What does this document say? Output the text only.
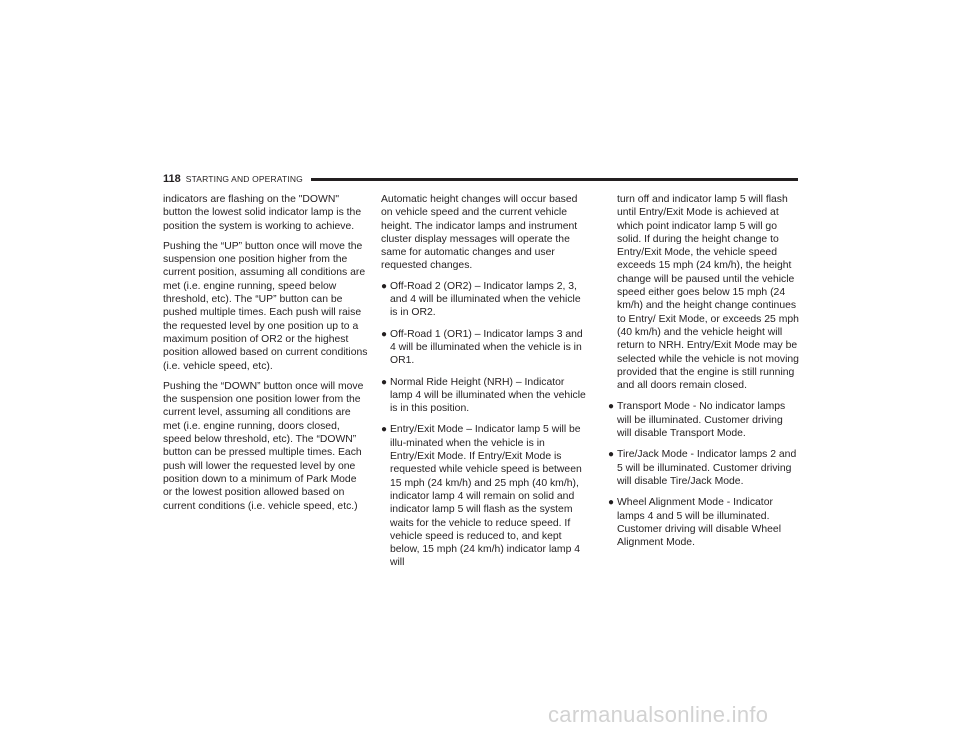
118 STARTING AND OPERATING

indicators are flashing on the "DOWN" button the lowest solid indicator lamp is the position the system is working to achieve.

Pushing the “UP” button once will move the suspension one position higher from the current position, assuming all conditions are met (i.e. engine running, speed below threshold, etc). The “UP” button can be pushed multiple times. Each push will raise the requested level by one position up to a maximum position of OR2 or the highest position allowed based on current conditions (i.e. vehicle speed, etc).

Pushing the “DOWN” button once will move the suspension one position lower from the current level, assuming all conditions are met (i.e. engine running, doors closed, speed below threshold, etc). The “DOWN” button can be pressed multiple times. Each push will lower the requested level by one position down to a minimum of Park Mode or the lowest position allowed based on current conditions (i.e. vehicle speed, etc.)

Automatic height changes will occur based on vehicle speed and the current vehicle height. The indicator lamps and instrument cluster display messages will operate the same for automatic changes and user requested changes.

● Off-Road 2 (OR2) – Indicator lamps 2, 3, and 4 will be illuminated when the vehicle is in OR2.
● Off-Road 1 (OR1) – Indicator lamps 3 and 4 will be illuminated when the vehicle is in OR1.
● Normal Ride Height (NRH) – Indicator lamp 4 will be illuminated when the vehicle is in this position.
● Entry/Exit Mode – Indicator lamp 5 will be illu-minated when the vehicle is in Entry/Exit Mode. If Entry/Exit Mode is requested while vehicle speed is between 15 mph (24 km/h) and 25 mph (40 km/h), indicator lamp 4 will remain on solid and indicator lamp 5 will flash as the system waits for the vehicle to reduce speed. If vehicle speed is reduced to, and kept below, 15 mph (24 km/h) indicator lamp 4 will

turn off and indicator lamp 5 will flash until Entry/Exit Mode is achieved at which point indicator lamp 5 will go solid. If during the height change to Entry/Exit Mode, the vehicle speed exceeds 15 mph (24 km/h), the height change will be paused until the vehicle speed either goes below 15 mph (24 km/h) and the height change continues to Entry/ Exit Mode, or exceeds 25 mph (40 km/h) and the vehicle height will return to NRH. Entry/Exit Mode may be selected while the vehicle is not moving provided that the engine is still running and all doors remain closed.

● Transport Mode - No indicator lamps will be illuminated. Customer driving will disable Transport Mode.
● Tire/Jack Mode - Indicator lamps 2 and 5 will be illuminated. Customer driving will disable Tire/Jack Mode.
● Wheel Alignment Mode - Indicator lamps 4 and 5 will be illuminated. Customer driving will disable Wheel Alignment Mode.
carmanualsonline.info
